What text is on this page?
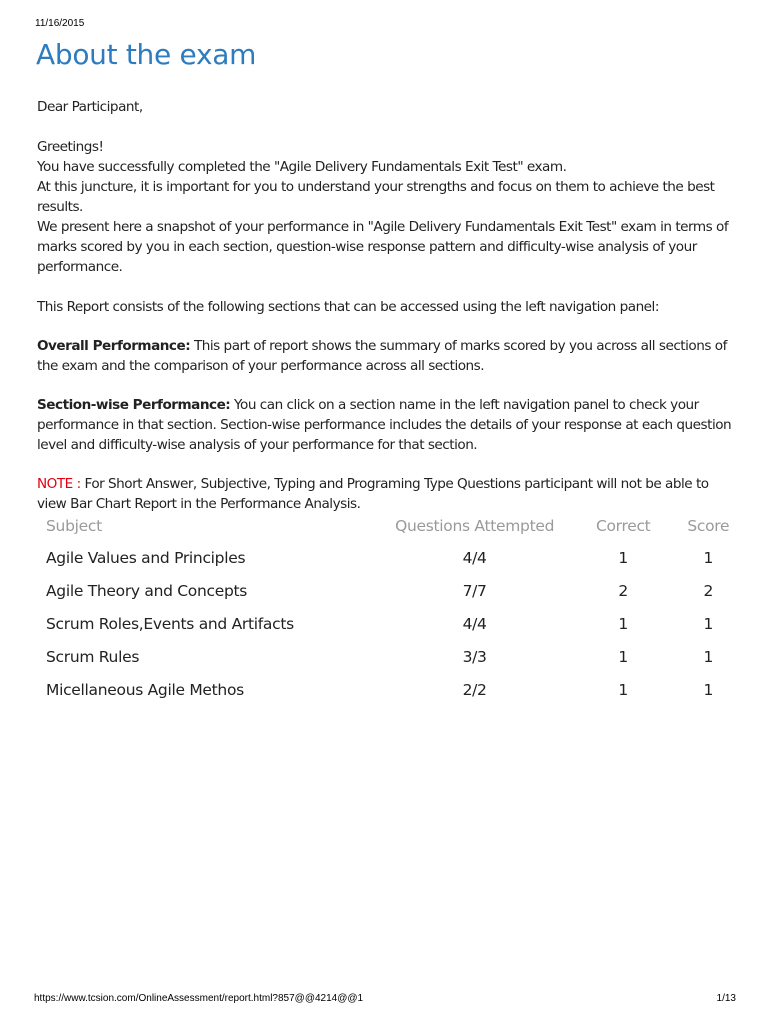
11/16/2015
About the exam

Dear Participant,

Greetings!

You have successfully completed the "Agile Delivery Fundamentals Exit Test" exam.

At this juncture, it is important for you to understand your strengths and focus on them to achieve the best results.

We present here a snapshot of your performance in "Agile Delivery Fundamentals Exit Test" exam in terms of marks scored by you in each section, question-wise response pattern and difficulty-wise analysis of your performance.

This Report consists of the following sections that can be accessed using the left navigation panel:

Overall Performance: This part of report shows the summary of marks scored by you across all sections of the exam and the comparison of your performance across all sections.

Section-wise Performance: You can click on a section name in the left navigation panel to check your performance in that section. Section-wise performance includes the details of your response at each question level and difficulty-wise analysis of your performance for that section.

NOTE : For Short Answer, Subjective, Typing and Programing Type Questions participant will not be able to view Bar Chart Report in the Performance Analysis.

Subject	Questions Attempted	Correct	Score
Agile Values and Principles	4/4	1	1
Agile Theory and Concepts	7/7	2	2
Scrum Roles,Events and Artifacts	4/4	1	1
Scrum Rules	3/3	1	1
Micellaneous Agile Methos	2/2	1	1
https://www.tcsion.com/OnlineAssessment/report.html?857@@4214@@1	1/13
